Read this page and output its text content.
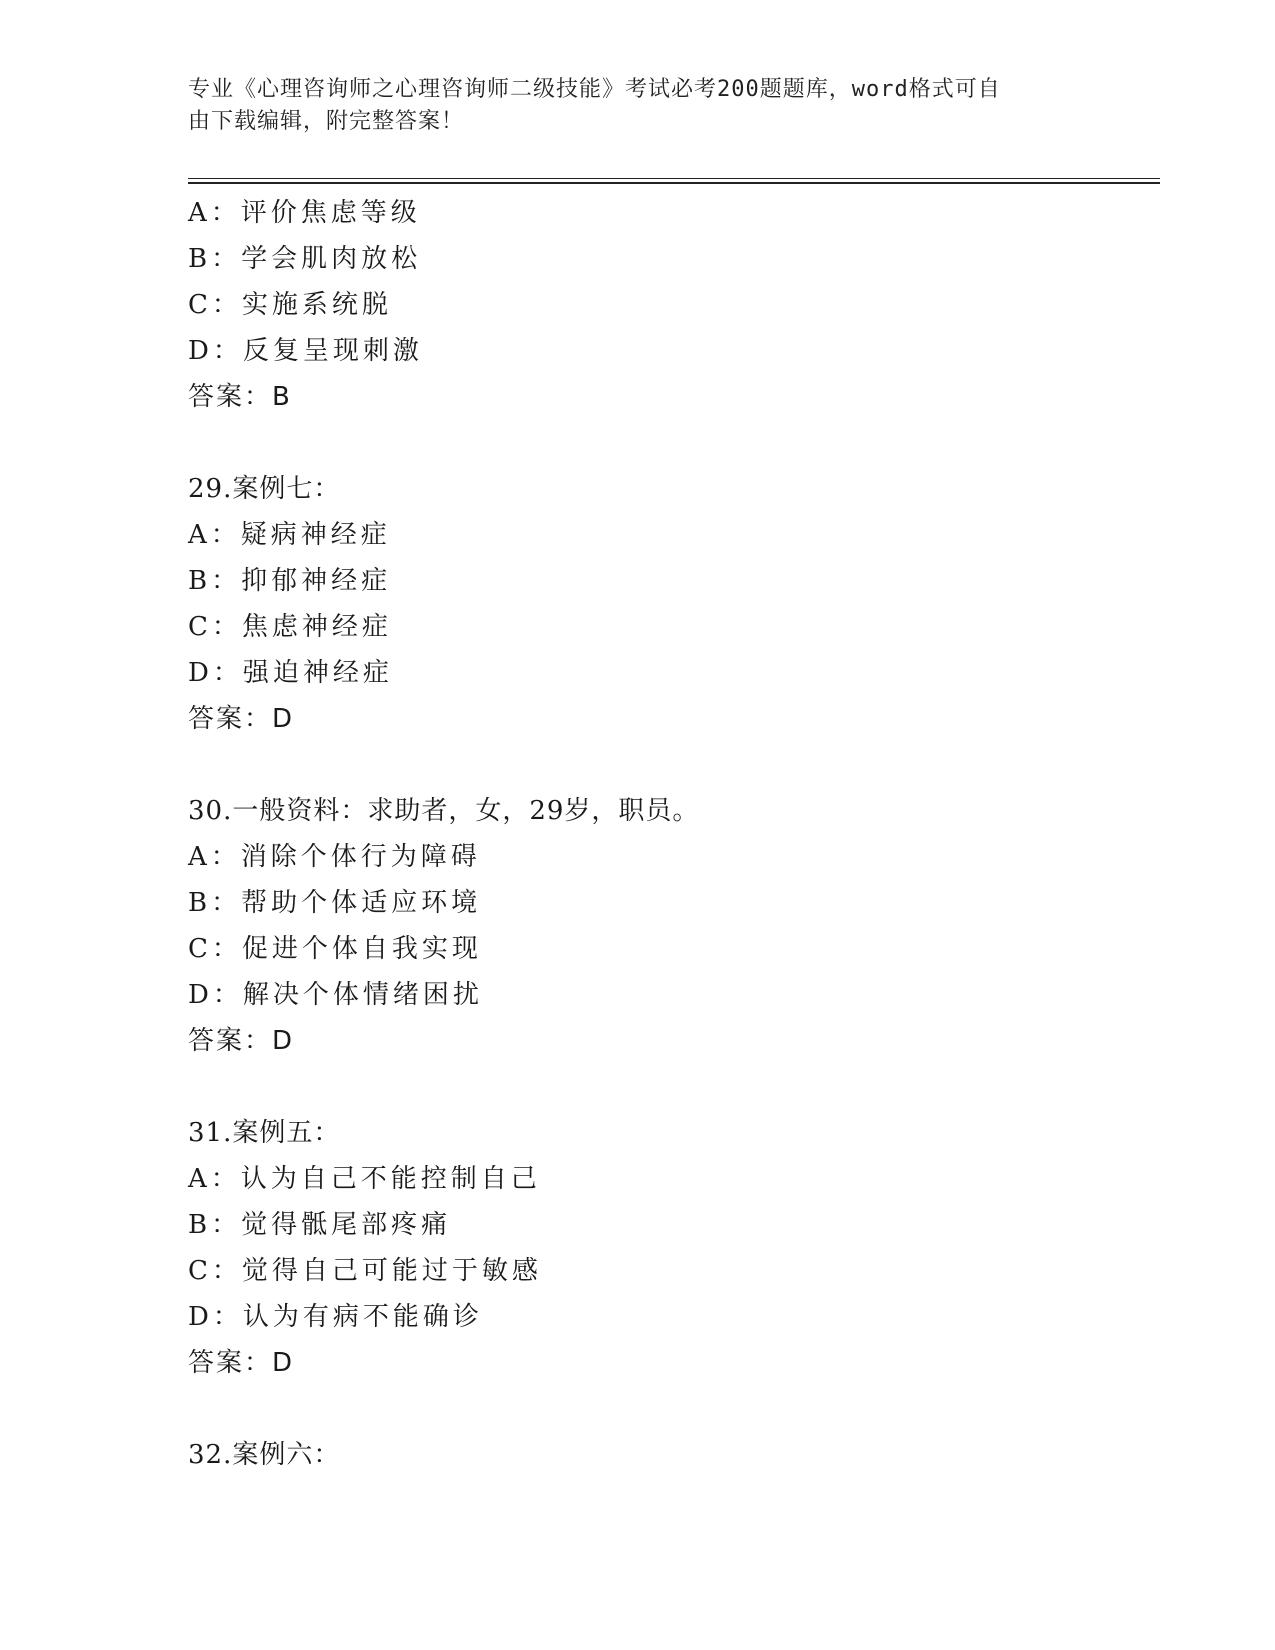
专业《心理咨询师之心理咨询师二级技能》考试必考200题题库，word格式可自
由下载编辑，附完整答案！
A：评价焦虑等级
B：学会肌肉放松
C：实施系统脱
D：反复呈现刺激
答案：B
29.案例七：
A：疑病神经症
B：抑郁神经症
C：焦虑神经症
D：强迫神经症
答案：D
30.一般资料：求助者，女，29岁，职员。
A：消除个体行为障碍
B：帮助个体适应环境
C：促进个体自我实现
D：解决个体情绪困扰
答案：D
31.案例五：
A：认为自己不能控制自己
B：觉得骶尾部疼痛
C：觉得自己可能过于敏感
D：认为有病不能确诊
答案：D
32.案例六：
